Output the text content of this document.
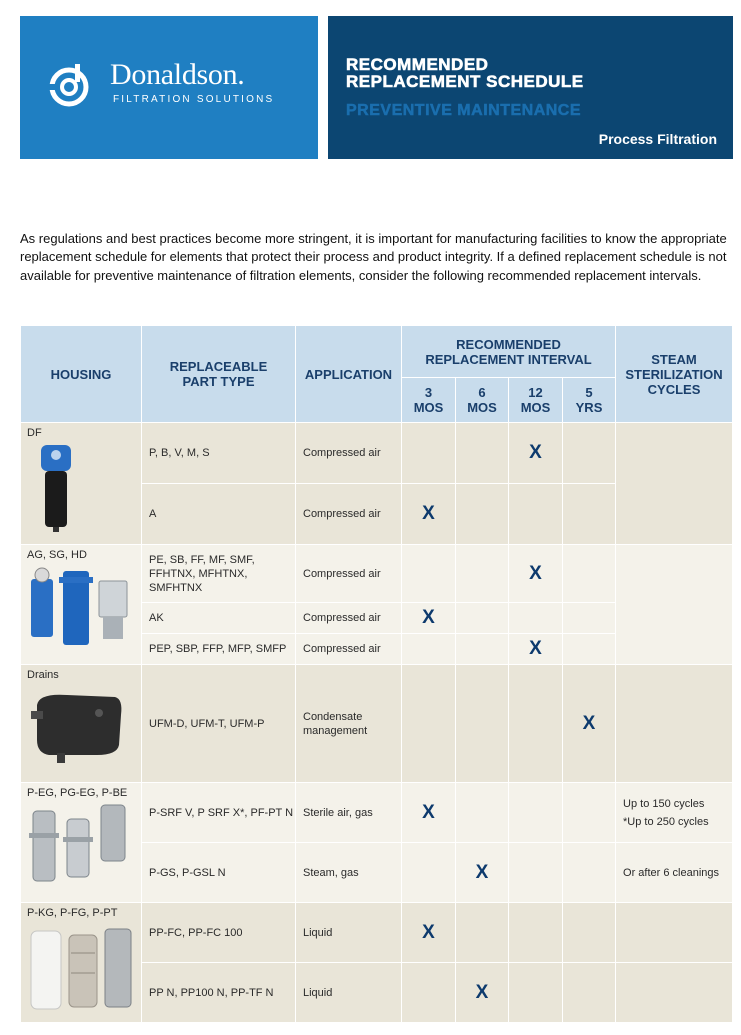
Donaldson.
FILTRATION SOLUTIONS
RECOMMENDED
REPLACEMENT SCHEDULE
PREVENTIVE MAINTENANCE
Process Filtration

As regulations and best practices become more stringent, it is important for manufacturing facilities to know the appropriate replacement schedule for elements that protect their process and product integrity. If a defined replacement schedule is not available for preventive maintenance of filtration elements, consider the following recommended replacement intervals.

HOUSING	REPLACEABLE PART TYPE	APPLICATION	RECOMMENDED REPLACEMENT INTERVAL				STEAM STERILIZATION CYCLES
			3 MOS	6 MOS	12 MOS	5 YRS	

DF	P, B, V, M, S	Compressed air			X		
	A	Compressed air	X				

AG, SG, HD	PE, SB, FF, MF, SMF, FFHTNX, MFHTNX, SMFHTNX	Compressed air			X		
	AK	Compressed air	X				
	PEP, SBP, FFP, MFP, SMFP	Compressed air			X		

Drains	UFM-D, UFM-T, UFM-P	Condensate management				X	

P-EG, PG-EG, P-BE	P-SRF V, P SRF X*, PF-PT N	Sterile air, gas	X				Up to 150 cycles
*Up to 250 cycles

	P-GS, P-GSL N	Steam, gas		X			Or after 6 cleanings

P-KG, P-FG, P-PT	PP-FC, PP-FC 100	Liquid	X				
	PP N, PP100 N, PP-TF N	Liquid		X			
